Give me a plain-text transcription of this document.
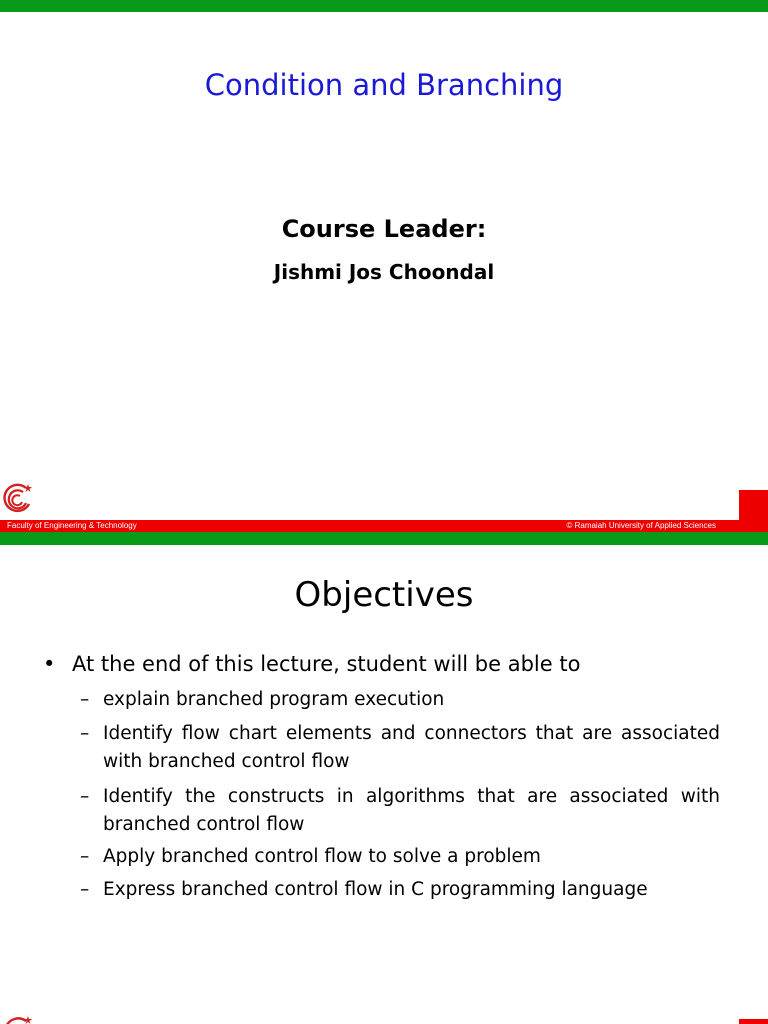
Condition and Branching
Course Leader:
Jishmi Jos Choondal
Faculty of Engineering & Technology	© Ramaiah University of Applied Sciences
Objectives
• At the end of this lecture, student will be able to
– explain branched program execution
– Identify flow chart elements and connectors that are associated with branched control flow
– Identify the constructs in algorithms that are associated with branched control flow
– Apply branched control flow to solve a problem
– Express branched control flow in C programming language
